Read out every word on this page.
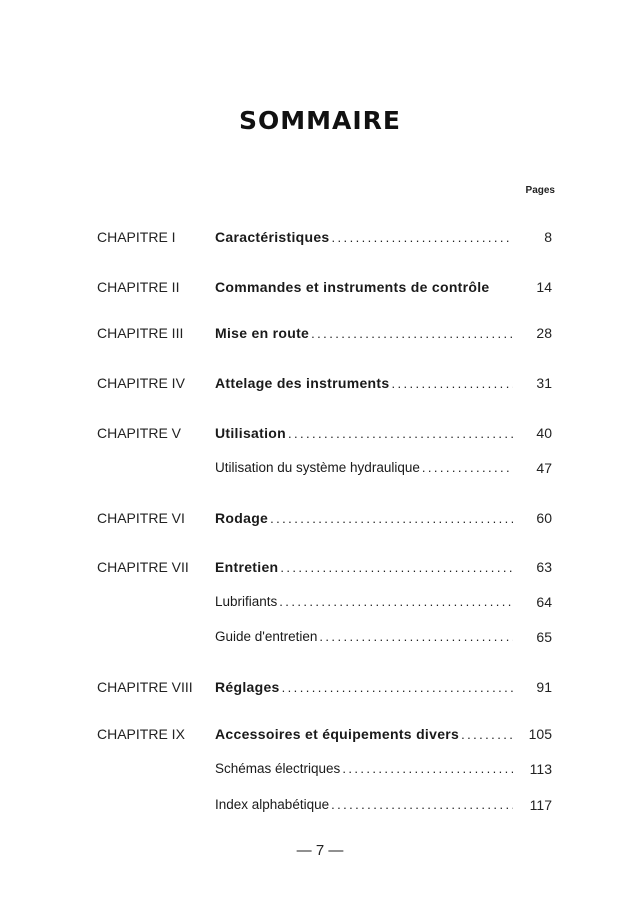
SOMMAIRE
Pages
CHAPITRE I	Caractéristiques .....	8
CHAPITRE II	Commandes et instruments de contrôle	14
CHAPITRE III	Mise en route .....	28
CHAPITRE IV	Attelage des instruments .....	31
CHAPITRE V	Utilisation .....	40
Utilisation du système hydraulique .....	47
CHAPITRE VI	Rodage .....	60
CHAPITRE VII	Entretien .....	63
Lubrifiants .....	64
Guide d'entretien .....	65
CHAPITRE VIII	Réglages .....	91
CHAPITRE IX	Accessoires et équipements divers .....	105
Schémas électriques .....	113
Index alphabétique .....	117
— 7 —
